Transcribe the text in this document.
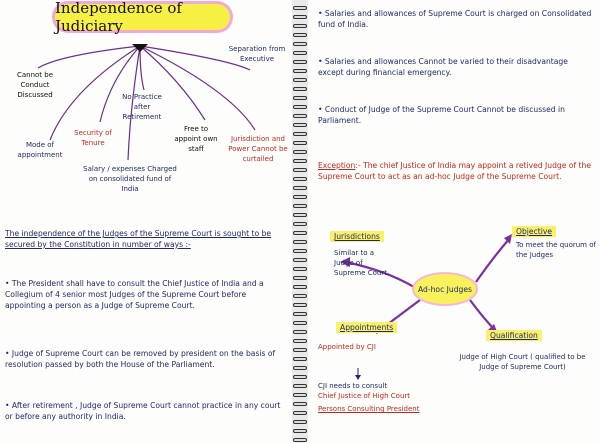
Independence of Judiciary
Cannot be Conduct Discussed
Mode of appointment
Security of Tenure
Salary / expenses Charged on consolidated fund of India
No Practice after Retirement
Free to appoint own staff
Separation from Executive
Jurisdiction and Power Cannot be curtailed
The independence of the Judges of the Supreme Court is sought to be secured by the Constitution in number of ways :-
• The President shall have to consult the Chief Justice of India and a Collegium of 4 senior most Judges of the Supreme Court before appointing a person as a Judge of Supreme Court.
• Judge of Supreme Court can be removed by president on the basis of resolution passed by both the House of the Parliament.
• After retirement , Judge of Supreme Court cannot practice in any court or before any authority in India.
• Salaries and allowances of Supreme Court is charged on Consolidated fund of India.
• Salaries and allowances Cannot be varied to their disadvantage except during financial emergency.
• Conduct of Judge of the Supreme Court Cannot be discussed in Parliament.
Exception:- The chief Justice of India may appoint a retived Judge of the Supreme Court to act as an ad-hoc Judge of the Supreme Court.
Ad-hoc Judges
Jurisdictions
Similar to a Judge of Supreme Court.
Objective
To meet the quorum of the Judges
Appointments
Appointed by CJI
CJI needs to consult
Chief Justice of High Court
Persons Consulting President
Qualification
Judge of High Court ( qualified to be Judge of Supreme Court)
